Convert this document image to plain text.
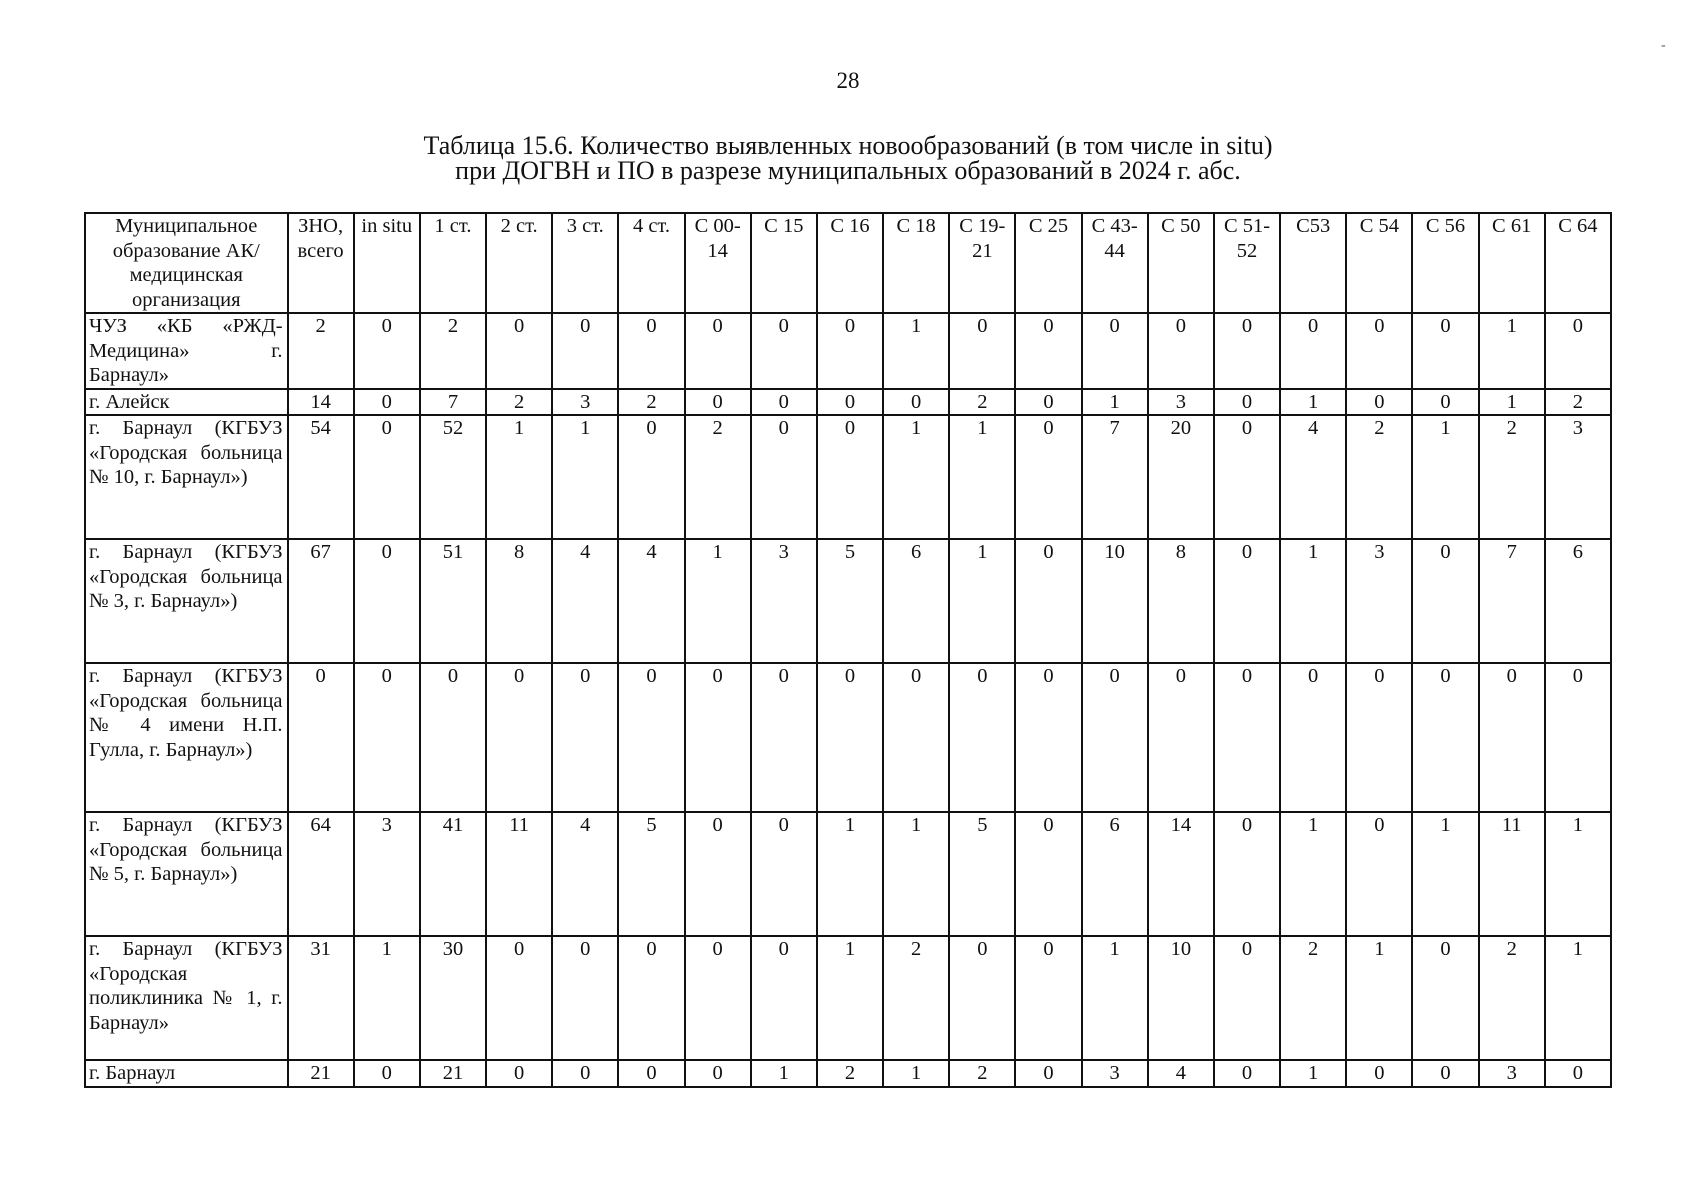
28
Таблица 15.6. Количество выявленных новообразований (в том числе in situ)
при ДОГВН и ПО в разрезе муниципальных образований в 2024 г. абс.
Муниципальное образование АК/ медицинская организация	ЗНО, всего	in situ	1 ст.	2 ст.	3 ст.	4 ст.	С 00- 14	С 15	С 16	С 18	С 19- 21	С 25	С 43- 44	С 50	С 51- 52	С53	С 54	С 56	С 61	С 64
ЧУЗ «КБ «РЖД-Медицина» г. Барнаул»	2	0	2	0	0	0	0	0	0	1	0	0	0	0	0	0	0	0	1	0
г. Алейск	14	0	7	2	3	2	0	0	0	0	2	0	1	3	0	1	0	0	1	2
г. Барнаул (КГБУЗ «Городская больница № 10, г. Барнаул»)	54	0	52	1	1	0	2	0	0	1	1	0	7	20	0	4	2	1	2	3
г. Барнаул (КГБУЗ «Городская больница № 3, г. Барнаул»)	67	0	51	8	4	4	1	3	5	6	1	0	10	8	0	1	3	0	7	6
г. Барнаул (КГБУЗ «Городская больница № 4 имени Н.П. Гулла, г. Барнаул»)	0	0	0	0	0	0	0	0	0	0	0	0	0	0	0	0	0	0	0	0
г. Барнаул (КГБУЗ «Городская больница № 5, г. Барнаул»)	64	3	41	11	4	5	0	0	1	1	5	0	6	14	0	1	0	1	11	1
г. Барнаул (КГБУЗ «Городская поликлиника № 1, г. Барнаул»	31	1	30	0	0	0	0	0	1	2	0	0	1	10	0	2	1	0	2	1
г. Барнаул	21	0	21	0	0	0	0	1	2	1	2	0	3	4	0	1	0	0	3	0
-
